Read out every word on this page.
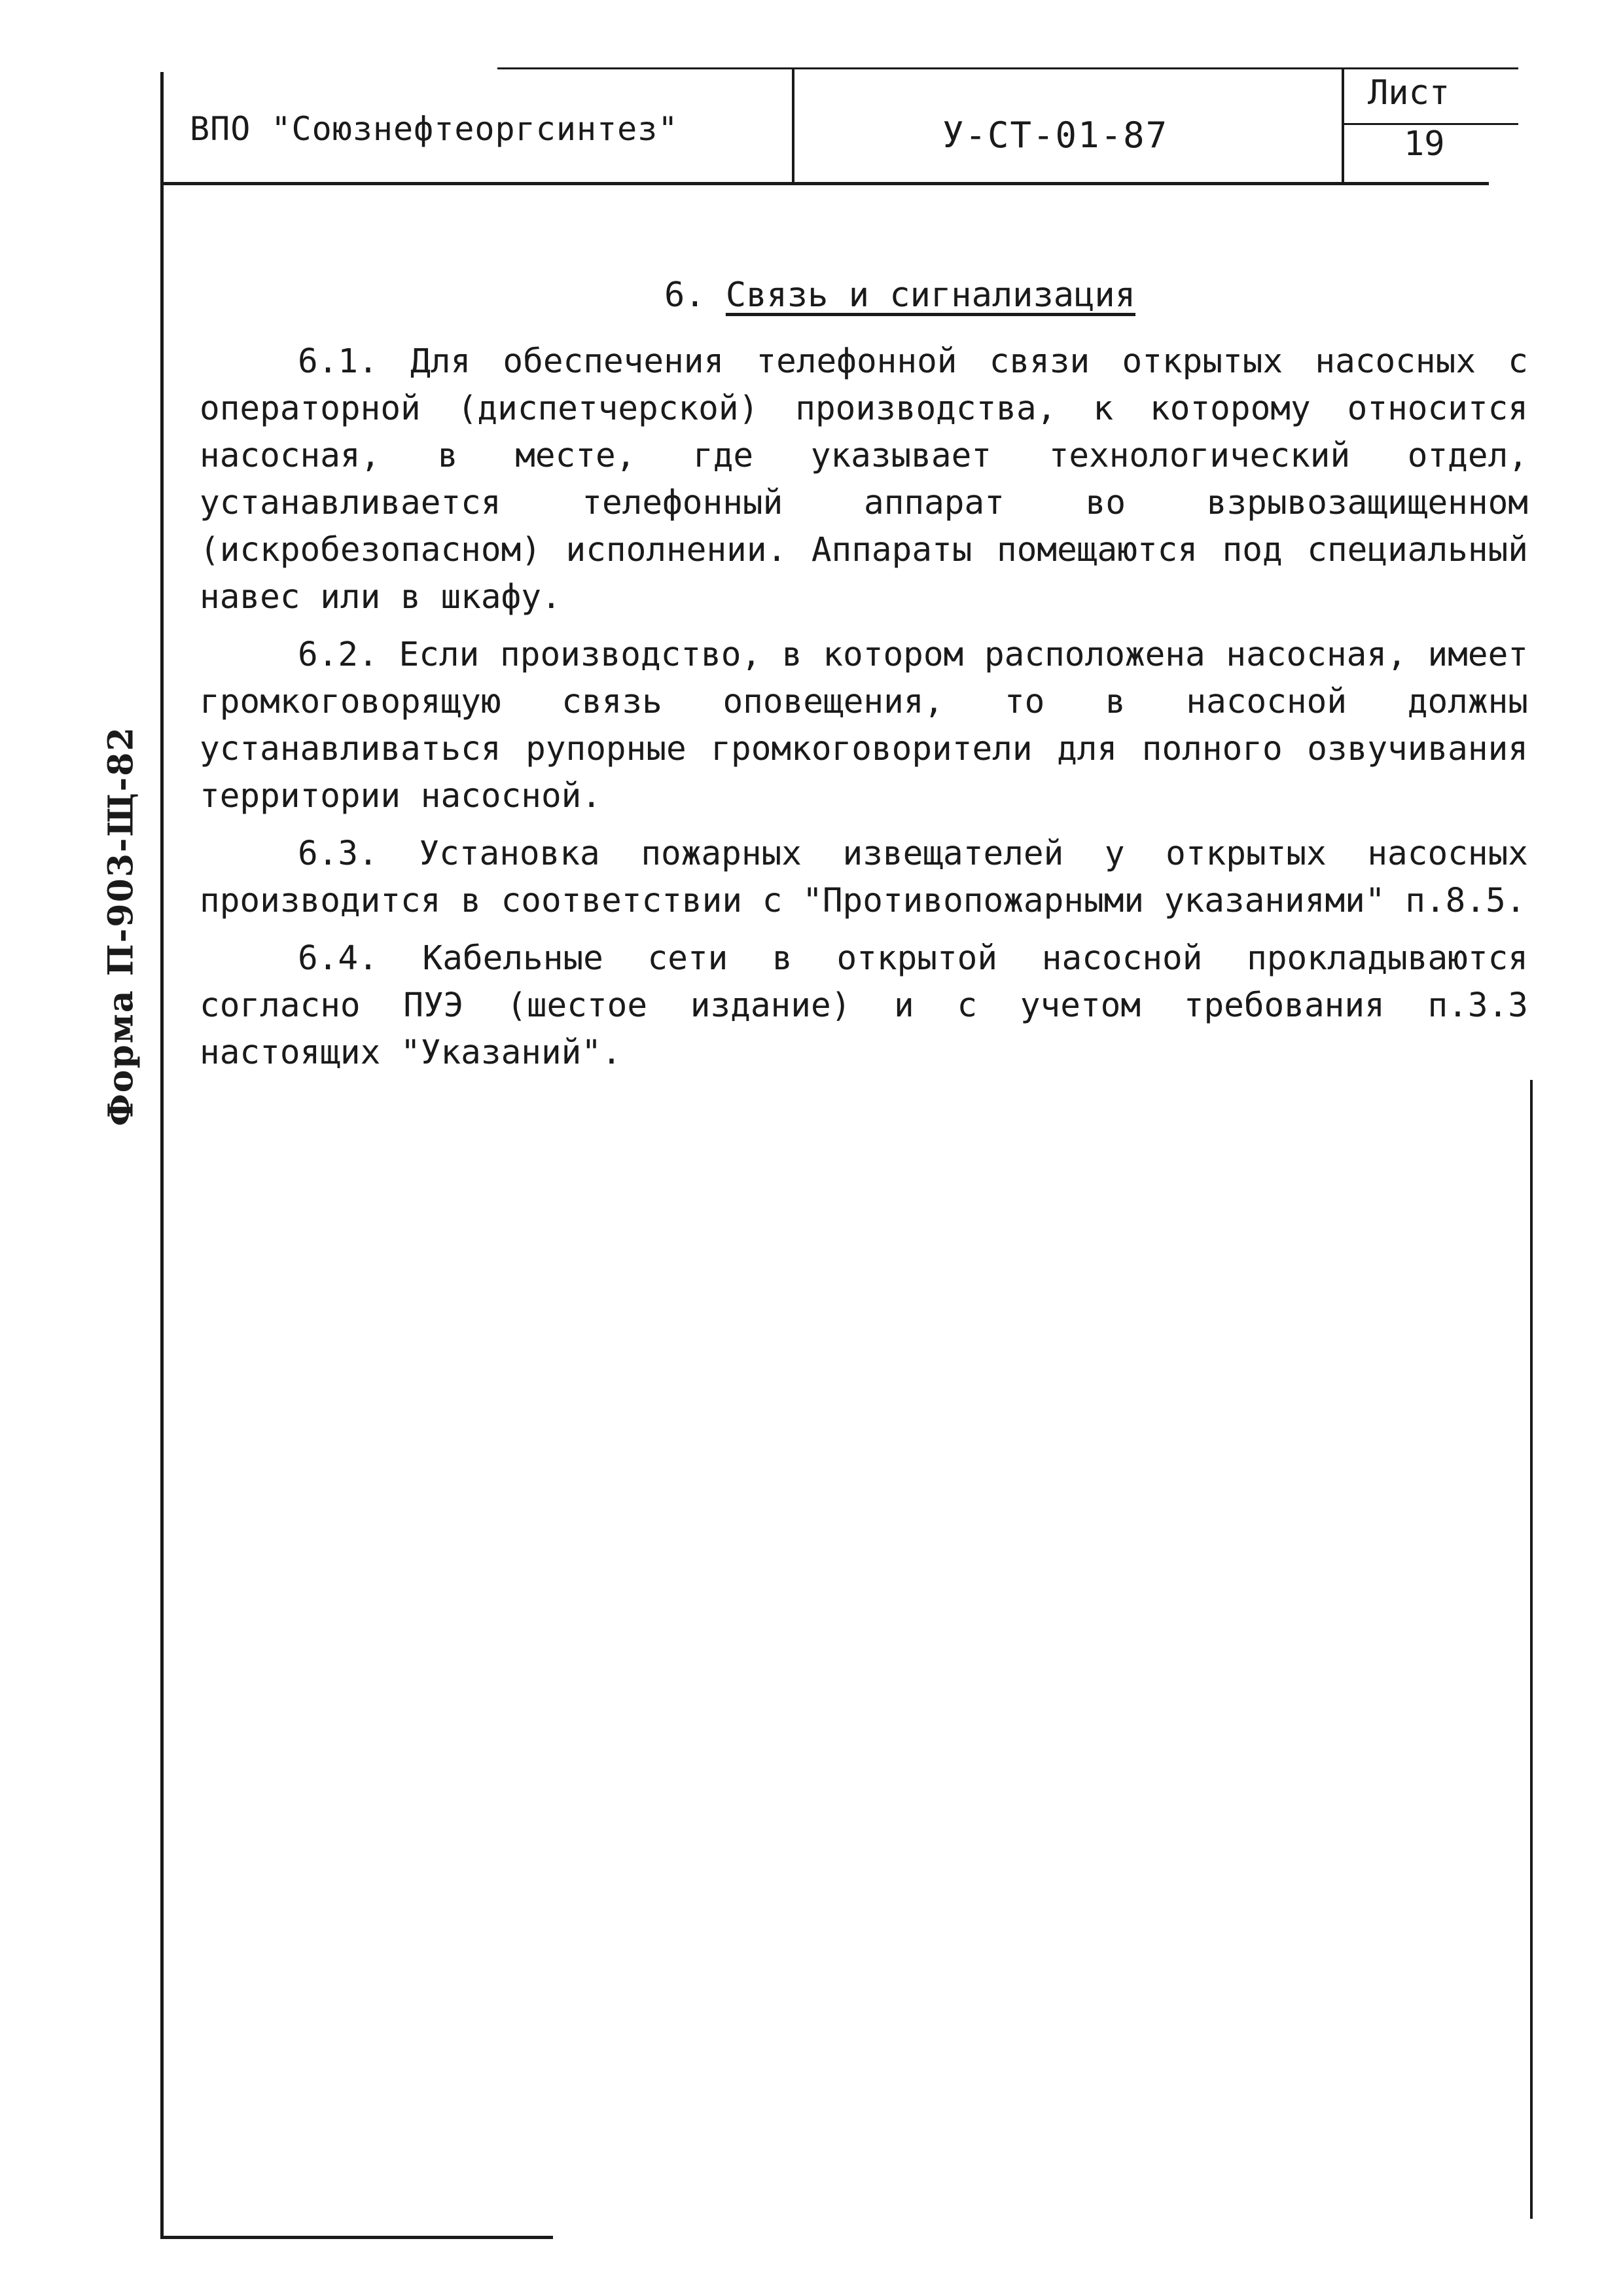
ВПО "Союзнефтеоргсинтез"	У-СТ-01-87
Лист
19
Форма П-903-Щ-82

6. Связь и сигнализация

6.1. Для обеспечения телефонной связи открытых насосных с операторной (диспетчерской) производства, к которому относится насосная, в месте, где указывает технологический отдел, устанавливается телефонный аппарат во взрывозащищенном (искробезопасном) исполнении. Аппараты помещаются под специальный навес или в шкафу.

6.2. Если производство, в котором расположена насосная, имеет громкоговорящую связь оповещения, то в насосной должны устанавливаться рупорные громкоговорители для полного озвучивания территории насосной.

6.3. Установка пожарных извещателей у открытых насосных производится в соответствии с "Противопожарными указаниями" п.8.5.

6.4. Кабельные сети в открытой насосной прокладываются согласно ПУЭ (шестое издание) и с учетом требования п.3.3 настоящих "Указаний".
